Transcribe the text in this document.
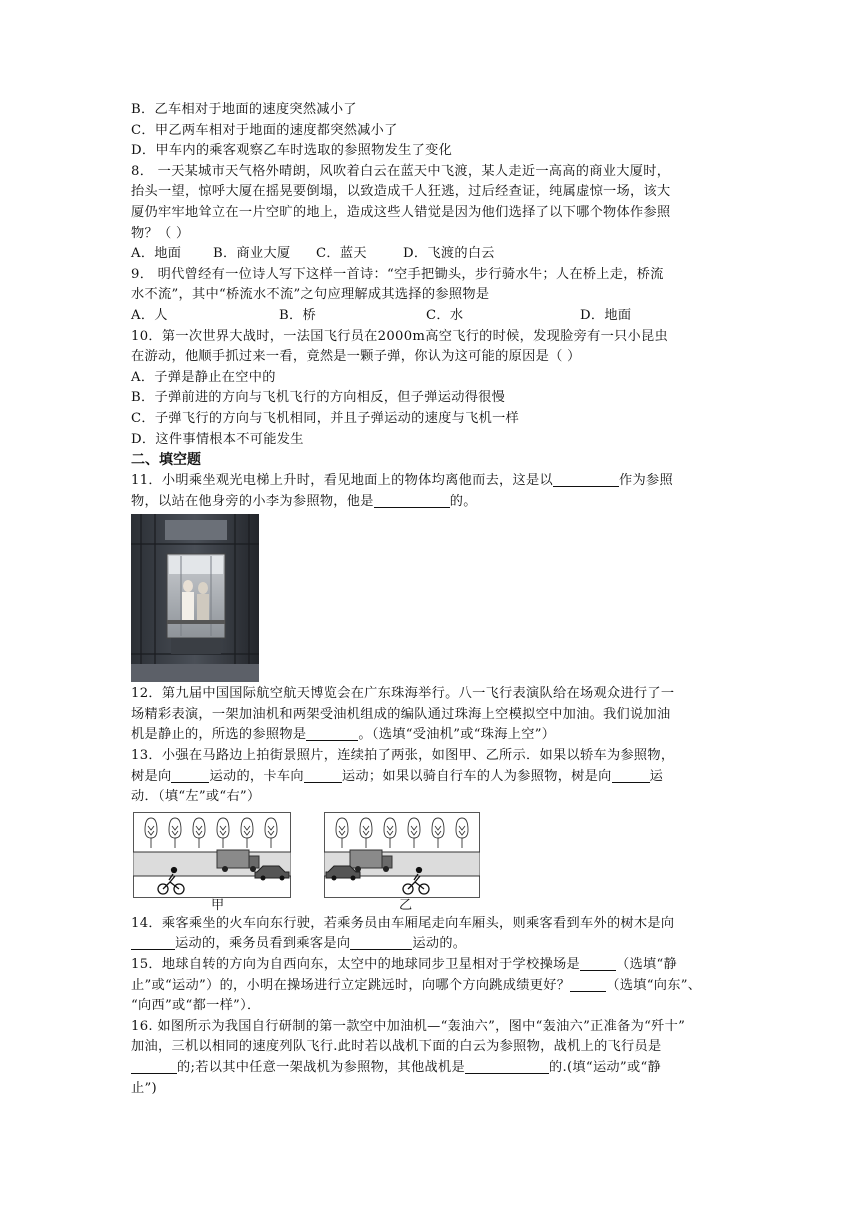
B．乙车相对于地面的速度突然减小了
C．甲乙两车相对于地面的速度都突然减小了
D．甲车内的乘客观察乙车时选取的参照物发生了变化
8． 一天某城市天气格外晴朗，风吹着白云在蓝天中飞渡，某人走近一高高的商业大厦时，
抬头一望，惊呼大厦在摇晃要倒塌，以致造成千人狂逃，过后经查证，纯属虚惊一场，该大
厦仍牢牢地耸立在一片空旷的地上，造成这些人错觉是因为他们选择了以下哪个物体作参照
物？（ ）
A．地面	B．商业大厦	C．蓝天	D．飞渡的白云
9． 明代曾经有一位诗人写下这样一首诗：“空手把锄头，步行骑水牛；人在桥上走，桥流
水不流”，其中“桥流水不流”之句应理解成其选择的参照物是
A．人	B．桥	C．水	D．地面
10．第一次世界大战时，一法国飞行员在2000m高空飞行的时候，发现脸旁有一只小昆虫
在游动，他顺手抓过来一看，竟然是一颗子弹，你认为这可能的原因是（ ）
A．子弹是静止在空中的
B．子弹前进的方向与飞机飞行的方向相反，但子弹运动得很慢
C．子弹飞行的方向与飞机相同，并且子弹运动的速度与飞机一样
D．这件事情根本不可能发生
二、填空题
11．小明乘坐观光电梯上升时，看见地面上的物体均离他而去，这是以	作为参照
物，以站在他身旁的小李为参照物，他是	的。
12．第九届中国国际航空航天博览会在广东珠海举行。八一飞行表演队给在场观众进行了一
场精彩表演，一架加油机和两架受油机组成的编队通过珠海上空模拟空中加油。我们说加油
机是静止的，所选的参照物是	。（选填“受油机”或“珠海上空”）
13．小强在马路边上拍街景照片，连续拍了两张，如图甲、乙所示．如果以轿车为参照物，
树是向	运动的，卡车向	运动；如果以骑自行车的人为参照物，树是向	运
动．（填“左”或“右”）
甲	乙
14．乘客乘坐的火车向东行驶，若乘务员由车厢尾走向车厢头，则乘客看到车外的树木是向
运动的，乘务员看到乘客是向	运动的。
15．地球自转的方向为自西向东，太空中的地球同步卫星相对于学校操场是	（选填“静
止”或“运动”）的，小明在操场进行立定跳远时，向哪个方向跳成绩更好？	（选填“向东”、
“向西”或“都一样”）．
16. 如图所示为我国自行研制的第一款空中加油机—“轰油六”，图中“轰油六”正准备为“歼十”
加油，三机以相同的速度列队飞行.此时若以战机下面的白云为参照物，战机上的飞行员是
的;若以其中任意一架战机为参照物，其他战机是	的.(填“运动”或“静
止”)
